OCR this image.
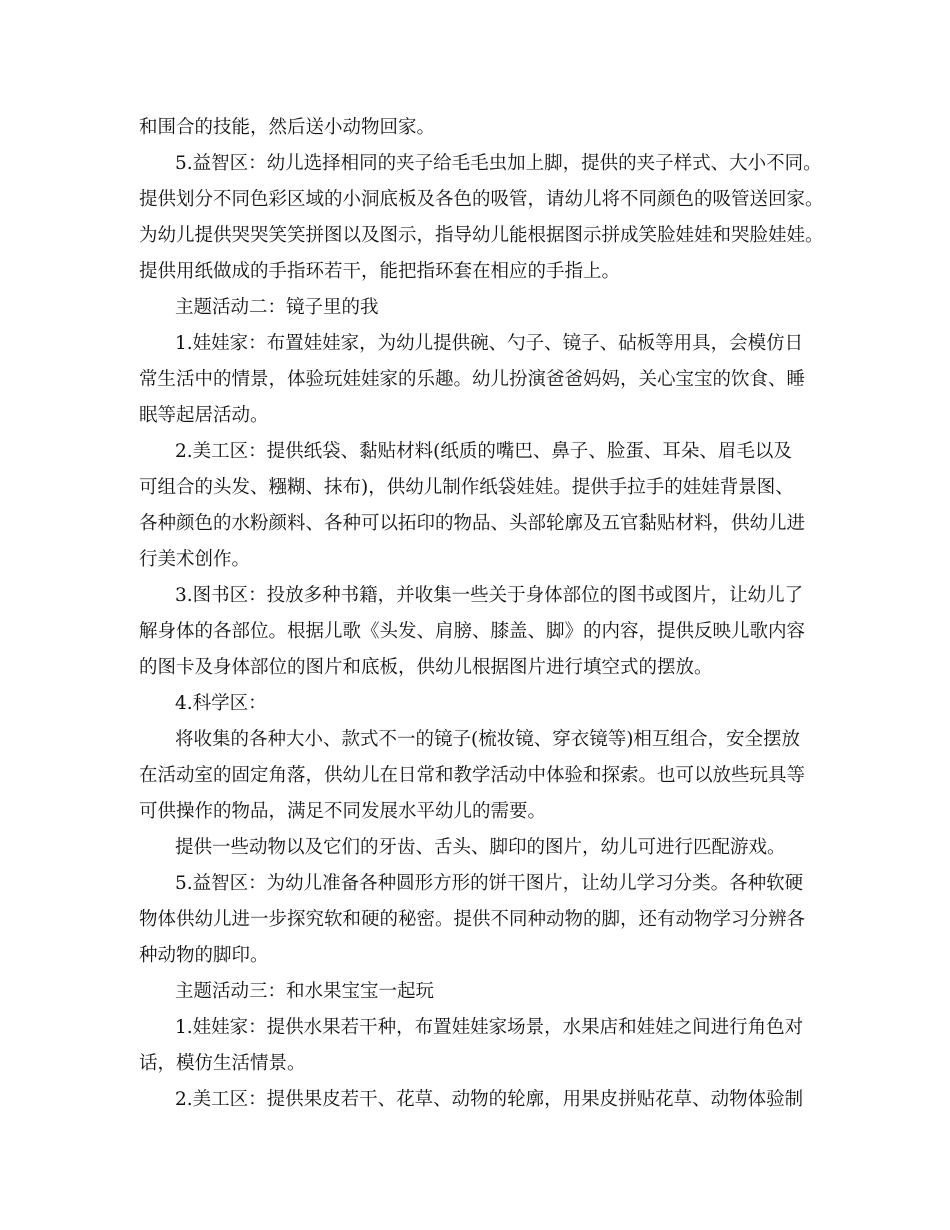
和围合的技能，然后送小动物回家。
5.益智区：幼儿选择相同的夹子给毛毛虫加上脚，提供的夹子样式、大小不同。
提供划分不同色彩区域的小洞底板及各色的吸管，请幼儿将不同颜色的吸管送回家。
为幼儿提供哭哭笑笑拼图以及图示，指导幼儿能根据图示拼成笑脸娃娃和哭脸娃娃。
提供用纸做成的手指环若干，能把指环套在相应的手指上。
主题活动二：镜子里的我
1.娃娃家：布置娃娃家，为幼儿提供碗、勺子、镜子、砧板等用具，会模仿日
常生活中的情景，体验玩娃娃家的乐趣。幼儿扮演爸爸妈妈，关心宝宝的饮食、睡
眠等起居活动。
2.美工区：提供纸袋、黏贴材料(纸质的嘴巴、鼻子、脸蛋、耳朵、眉毛以及
可组合的头发、糨糊、抹布)，供幼儿制作纸袋娃娃。提供手拉手的娃娃背景图、
各种颜色的水粉颜料、各种可以拓印的物品、头部轮廓及五官黏贴材料，供幼儿进
行美术创作。
3.图书区：投放多种书籍，并收集一些关于身体部位的图书或图片，让幼儿了
解身体的各部位。根据儿歌《头发、肩膀、膝盖、脚》的内容，提供反映儿歌内容
的图卡及身体部位的图片和底板，供幼儿根据图片进行填空式的摆放。
4.科学区：
将收集的各种大小、款式不一的镜子(梳妆镜、穿衣镜等)相互组合，安全摆放
在活动室的固定角落，供幼儿在日常和教学活动中体验和探索。也可以放些玩具等
可供操作的物品，满足不同发展水平幼儿的需要。
提供一些动物以及它们的牙齿、舌头、脚印的图片，幼儿可进行匹配游戏。
5.益智区：为幼儿准备各种圆形方形的饼干图片，让幼儿学习分类。各种软硬
物体供幼儿进一步探究软和硬的秘密。提供不同种动物的脚，还有动物学习分辨各
种动物的脚印。
主题活动三：和水果宝宝一起玩
1.娃娃家：提供水果若干种，布置娃娃家场景，水果店和娃娃之间进行角色对
话，模仿生活情景。
2.美工区：提供果皮若干、花草、动物的轮廓，用果皮拼贴花草、动物体验制
